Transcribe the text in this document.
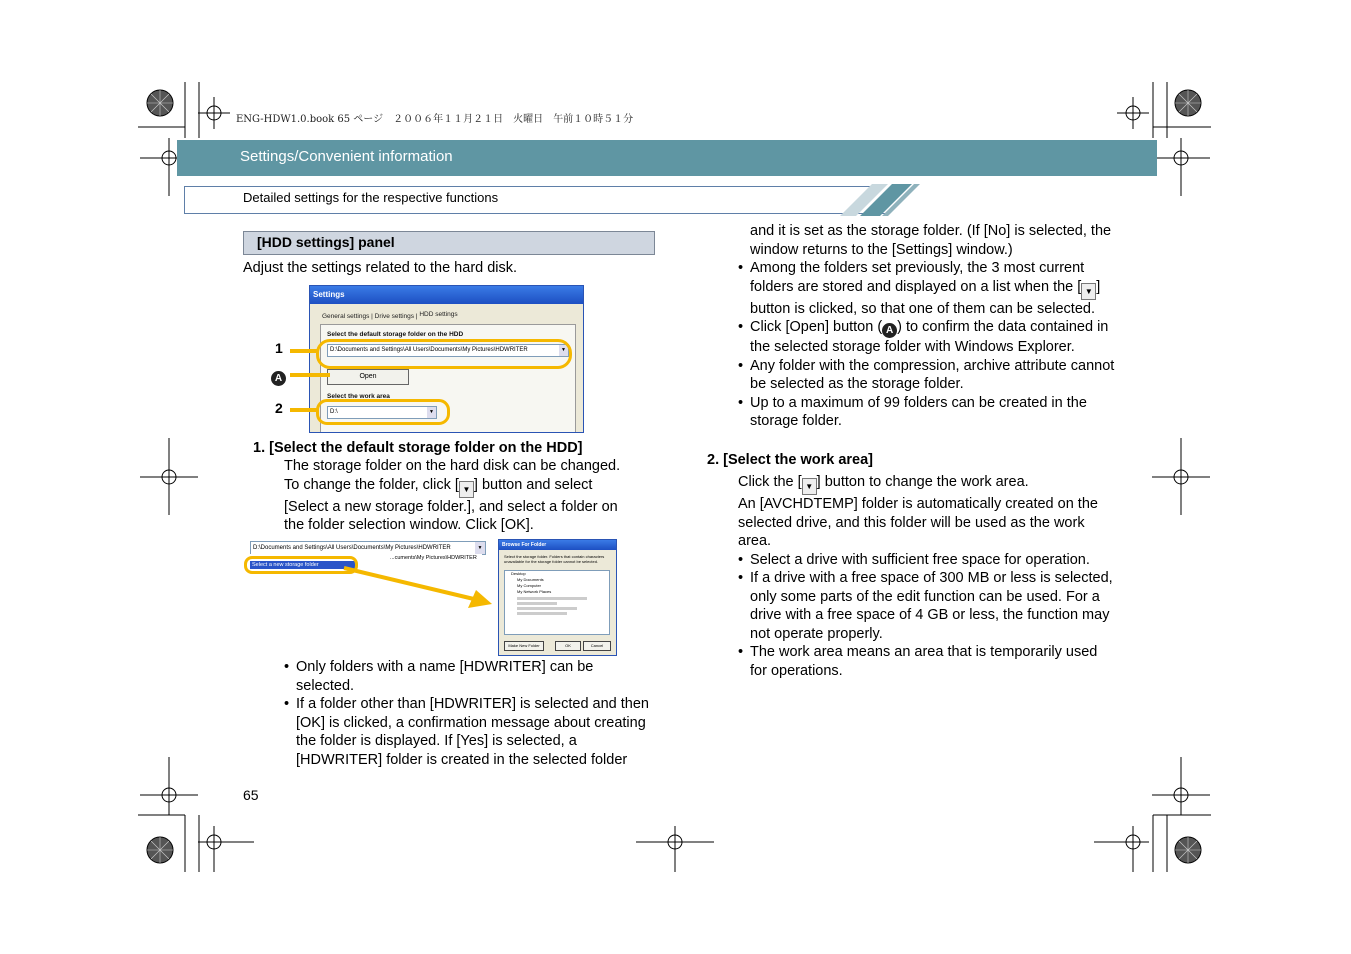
ENG-HDW1.0.book 65 ページ　２００６年１１月２１日　火曜日　午前１０時５１分
Settings/Convenient information
Detailed settings for the respective functions
[HDD settings] panel
Adjust the settings related to the hard disk.
Settings
General settings | Drive settings | HDD settings
Select the default storage folder on the HDD
D:\Documents and Settings\All Users\Documents\My Pictures\HDWRITER	▼
Open
Select the work area
D:\	▼
1
A
2
1. [Select the default storage folder on the HDD]
The storage folder on the hard disk can be changed.
To change the folder, click [ ▼ ] button and select
[Select a new storage folder.], and select a folder on
the folder selection window. Click [OK].
D:\Documents and Settings\All Users\Documents\My Pictures\HDWRITER	▼
...cuments\My Pictures\HDWRITER
Select a new storage folder
Browse For Folder
Select the storage folder. Folders that contain characters unavailable for the storage folder cannot be selected.
Desktop
My Documents
My Computer
My Network Places
Make New Folder	OK	Cancel
• Only folders with a name [HDWRITER] can be selected.
• If a folder other than [HDWRITER] is selected and then [OK] is clicked, a confirmation message about creating the folder is displayed. If [Yes] is selected, a [HDWRITER] folder is created in the selected folder
65
and it is set as the storage folder. (If [No] is selected, the window returns to the [Settings] window.)
• Among the folders set previously, the 3 most current folders are stored and displayed on a list when the [ ▼ ] button is clicked, so that one of them can be selected.
• Click [Open] button ( A ) to confirm the data contained in the selected storage folder with Windows Explorer.
• Any folder with the compression, archive attribute cannot be selected as the storage folder.
• Up to a maximum of 99 folders can be created in the storage folder.
2. [Select the work area]
Click the [ ▼ ] button to change the work area.
An [AVCHDTEMP] folder is automatically created on the selected drive, and this folder will be used as the work area.
• Select a drive with sufficient free space for operation.
• If a drive with a free space of 300 MB or less is selected, only some parts of the edit function can be used. For a drive with a free space of 4 GB or less, the function may not operate properly.
• The work area means an area that is temporarily used for operations.
